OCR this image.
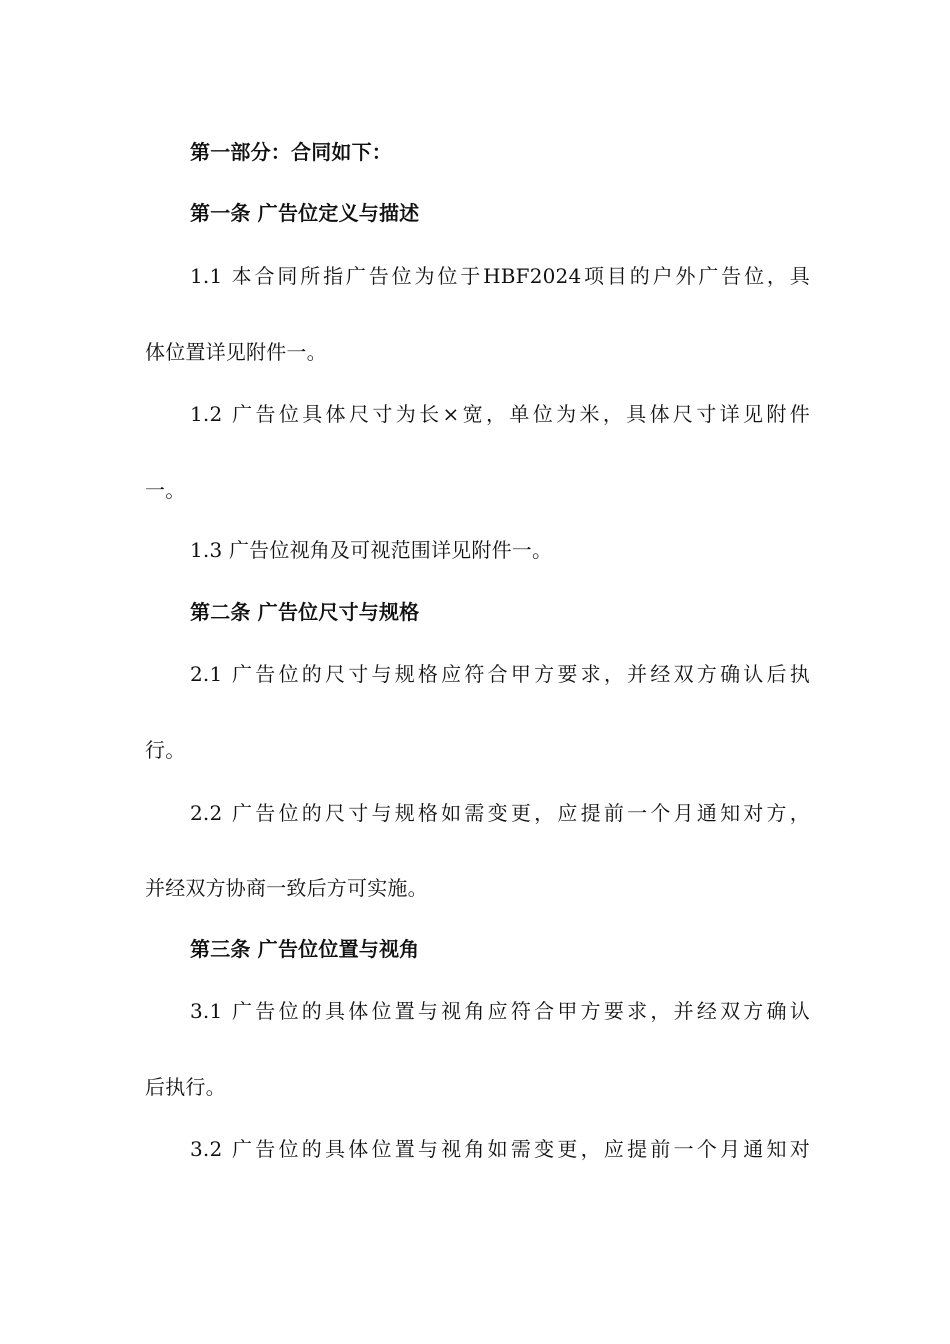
第一部分：合同如下：
第一条 广告位定义与描述
1.1 本合同所指广告位为位于HBF2024项目的户外广告位，具
体位置详见附件一。
1.2 广告位具体尺寸为长×宽，单位为米，具体尺寸详见附件
一。
1.3 广告位视角及可视范围详见附件一。
第二条 广告位尺寸与规格
2.1 广告位的尺寸与规格应符合甲方要求，并经双方确认后执
行。
2.2 广告位的尺寸与规格如需变更，应提前一个月通知对方，
并经双方协商一致后方可实施。
第三条 广告位位置与视角
3.1 广告位的具体位置与视角应符合甲方要求，并经双方确认
后执行。
3.2 广告位的具体位置与视角如需变更，应提前一个月通知对
